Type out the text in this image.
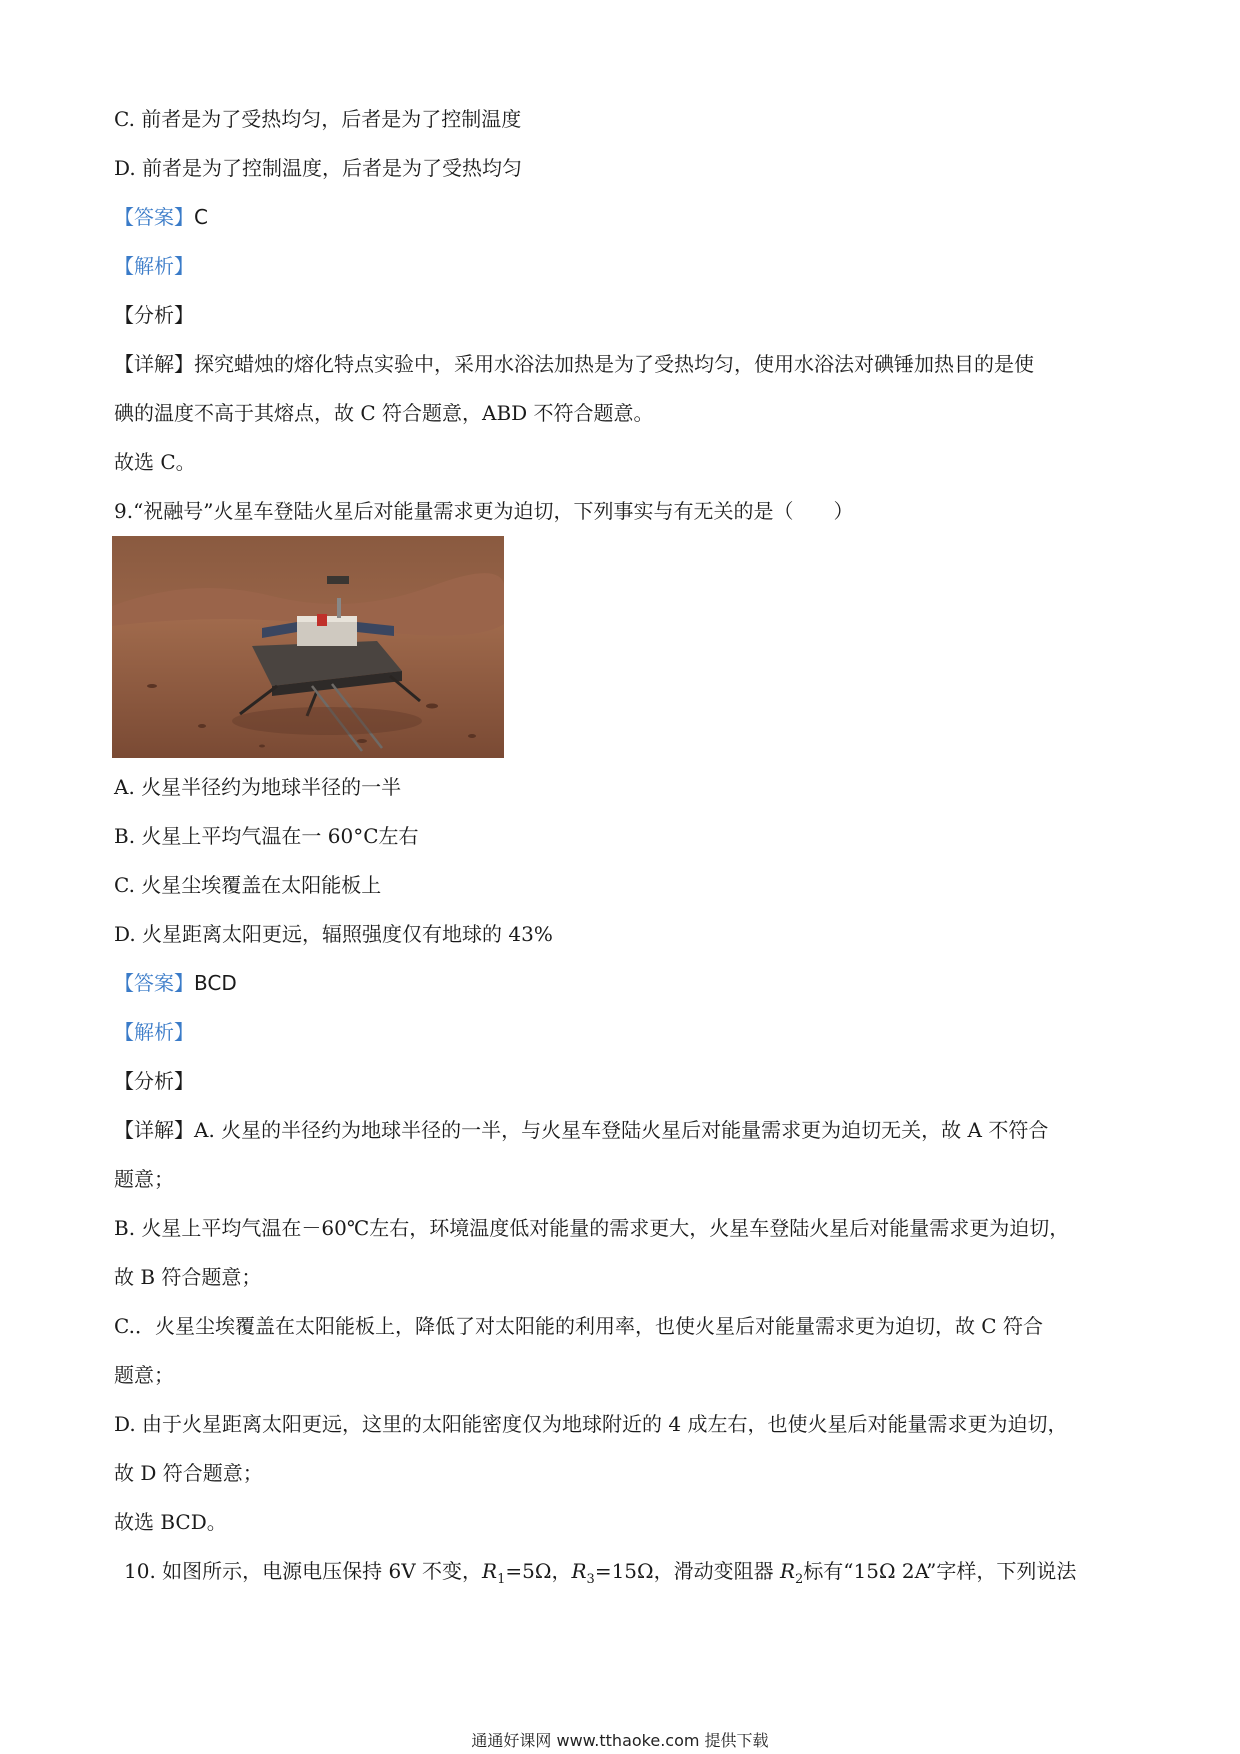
C. 前者是为了受热均匀，后者是为了控制温度
D. 前者是为了控制温度，后者是为了受热均匀
【答案】C
【解析】
【分析】
【详解】探究蜡烛的熔化特点实验中，采用水浴法加热是为了受热均匀，使用水浴法对碘锤加热目的是使
碘的温度不高于其熔点，故 C 符合题意，ABD 不符合题意。
故选 C。
9.“祝融号”火星车登陆火星后对能量需求更为迫切，下列事实与有无关的是（　　）
A. 火星半径约为地球半径的一半
B. 火星上平均气温在一 60°C左右
C. 火星尘埃覆盖在太阳能板上
D. 火星距离太阳更远，辐照强度仅有地球的 43%
【答案】BCD
【解析】
【分析】
【详解】A. 火星的半径约为地球半径的一半，与火星车登陆火星后对能量需求更为迫切无关，故 A 不符合
题意；
B. 火星上平均气温在－60℃左右，环境温度低对能量的需求更大，火星车登陆火星后对能量需求更为迫切，
故 B 符合题意；
C.．火星尘埃覆盖在太阳能板上，降低了对太阳能的利用率，也使火星后对能量需求更为迫切，故 C 符合
题意；
D. 由于火星距离太阳更远，这里的太阳能密度仅为地球附近的 4 成左右，也使火星后对能量需求更为迫切，
故 D 符合题意；
故选 BCD。
10. 如图所示，电源电压保持 6V 不变，$R_1=5\Omega$，$R_3=15\Omega$，滑动变阻器 $R_2$标有“15Ω 2A”字样，下列说法
通通好课网 www.tthaoke.com 提供下载
